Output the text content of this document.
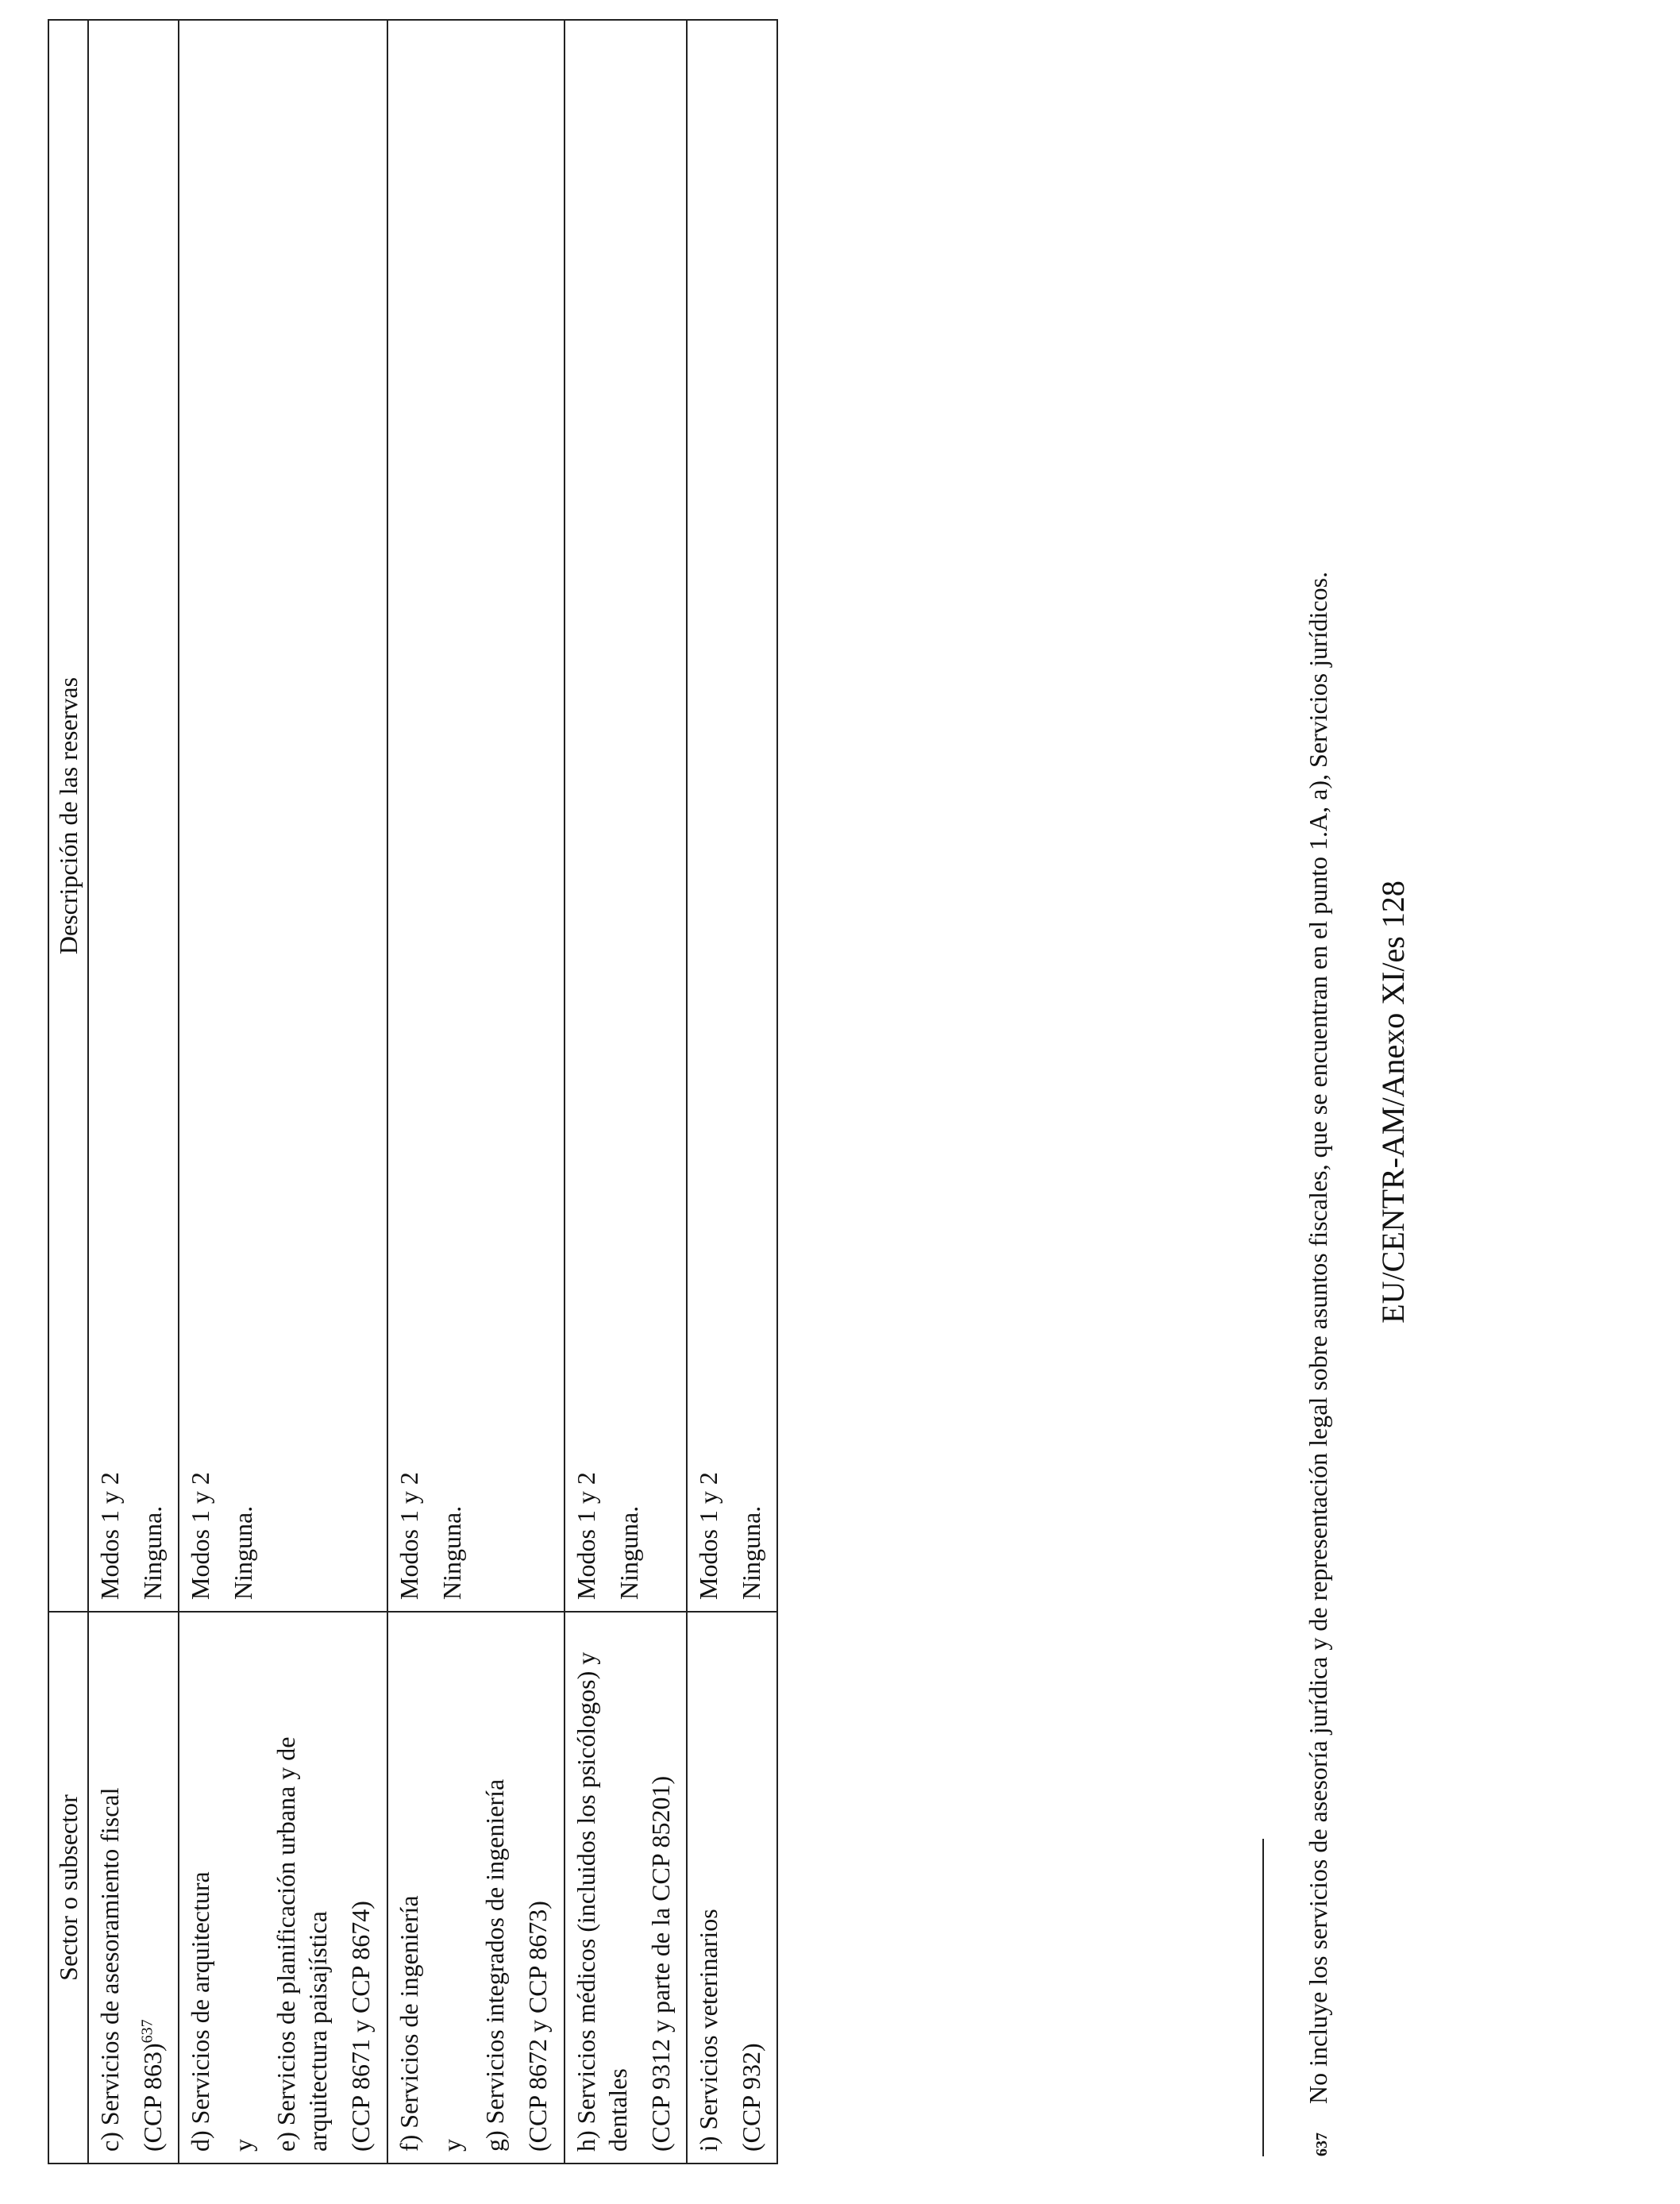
Sector o subsector	Descripción de las reservas

c) Servicios de asesoramiento fiscal (CCP 863)$^{637}$	Modos 1 y 2 Ninguna.

d) Servicios de arquitectura y e) Servicios de planificación urbana y de arquitectura paisajística (CCP 8671 y CCP 8674)	Modos 1 y 2 Ninguna.

f) Servicios de ingeniería y g) Servicios integrados de ingeniería (CCP 8672 y CCP 8673)	Modos 1 y 2 Ninguna.

h) Servicios médicos (incluidos los psicólogos) y dentales (CCP 9312 y parte de la CCP 85201)	Modos 1 y 2 Ninguna.

i) Servicios veterinarios (CCP 932)	Modos 1 y 2 Ninguna.
637No incluye los servicios de asesoría jurídica y de representación legal sobre asuntos fiscales, que se encuentran en el punto 1.A, a), Servicios jurídicos. EU/CENTR-AM/Anexo XI/es 128
